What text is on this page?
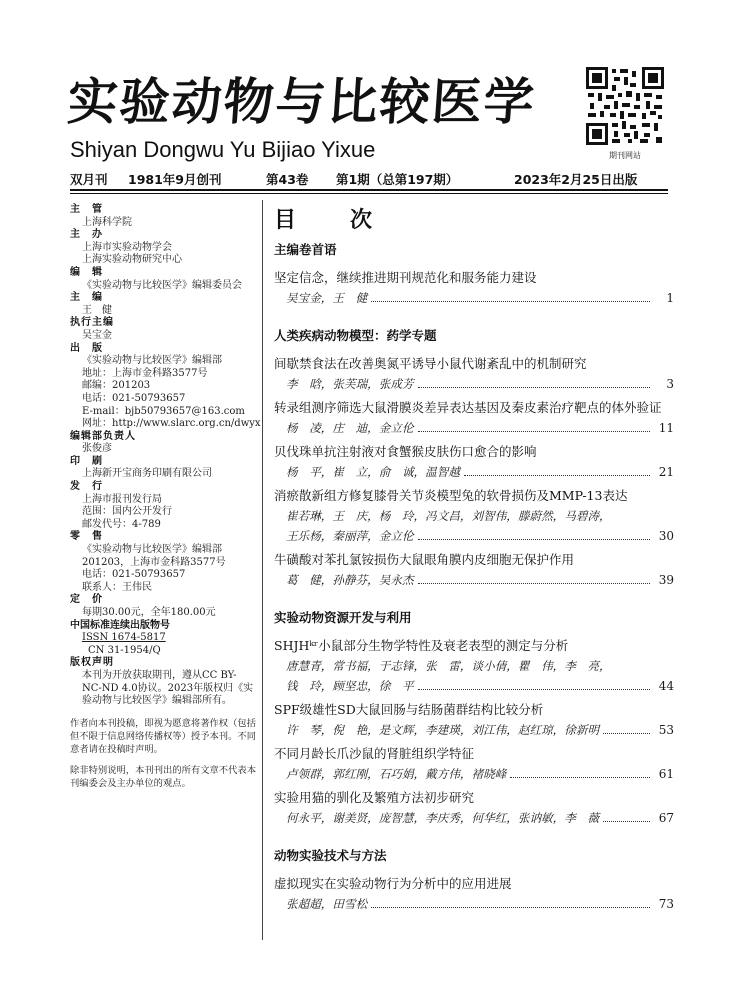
实验动物与比较医学
Shiyan Dongwu Yu Bijiao Yixue	期刊网站
双月刊 1981年9月创刊	第43卷 第1期（总第197期）	2023年2月25日出版
主　管
上海科学院
主　办
上海市实验动物学会
上海实验动物研究中心
编　辑
《实验动物与比较医学》编辑委员会
主　编
王　健
执行主编
吴宝金
出　版
《实验动物与比较医学》编辑部
地址：上海市金科路3577号
邮编：201203
电话：021-50793657
E-mail：bjb50793657@163.com
网址：http://www.slarc.org.cn/dwyx
编辑部负责人
张俊彦
印　刷
上海新开宝商务印刷有限公司
发　行
上海市报刊发行局
范围：国内公开发行
邮发代号：4-789
零　售
《实验动物与比较医学》编辑部
201203，上海市金科路3577号
电话：021-50793657
联系人：王伟民
定　价
每期30.00元，全年180.00元
中国标准连续出版物号
ISSN 1674-5817
CN 31-1954/Q
版权声明
本刊为开放获取期刊，遵从CC BY-NC-ND 4.0协议。2023年版权归《实验动物与比较医学》编辑部所有。

作者向本刊投稿，即视为愿意将著作权（包括但不限于信息网络传播权等）授予本刊。不同意者请在投稿时声明。

除非特别说明，本刊刊出的所有文章不代表本刊编委会及主办单位的观点。

目　次
主编卷首语
坚定信念，继续推进期刊规范化和服务能力建设
吴宝金，王　健	1
人类疾病动物模型：药学专题
间歇禁食法在改善奥氮平诱导小鼠代谢紊乱中的机制研究
李　晗，张芙瑞，张成芳	3
转录组测序筛选大鼠滑膜炎差异表达基因及秦皮素治疗靶点的体外验证
杨　凌，庄　迪，金立伦	11
贝伐珠单抗注射液对食蟹猴皮肤伤口愈合的影响
杨　平，崔　立，俞　诚，温智越	21
消瘀散新组方修复膝骨关节炎模型兔的软骨损伤及MMP-13表达
崔若琳，王　庆，杨　玲，冯文昌，刘智伟，滕蔚然，马碧涛，
王乐杨，秦丽萍，金立伦	30
牛磺酸对苯扎氯铵损伤大鼠眼角膜内皮细胞无保护作用
葛　健，孙静芬，吴永杰	39
实验动物资源开发与利用
SHJHᵏʳ小鼠部分生物学特性及衰老表型的测定与分析
唐慧青，常书福，于志锋，张　雷，谈小倩，瞿　伟，李　亮，
钱　玲，顾坚忠，徐　平	44
SPF级雄性SD大鼠回肠与结肠菌群结构比较分析
许　琴，倪　艳，是文辉，李建瑛，刘江伟，赵红琼，徐新明	53
不同月龄长爪沙鼠的肾脏组织学特征
卢领群，郭红刚，石巧娟，戴方伟，褚晓峰	61
实验用猫的驯化及繁殖方法初步研究
何永平，谢美贤，庞智慧，李庆秀，何华红，张讷敏，李　薇	67
动物实验技术与方法
虚拟现实在实验动物行为分析中的应用进展
张超超，田雪松	73
